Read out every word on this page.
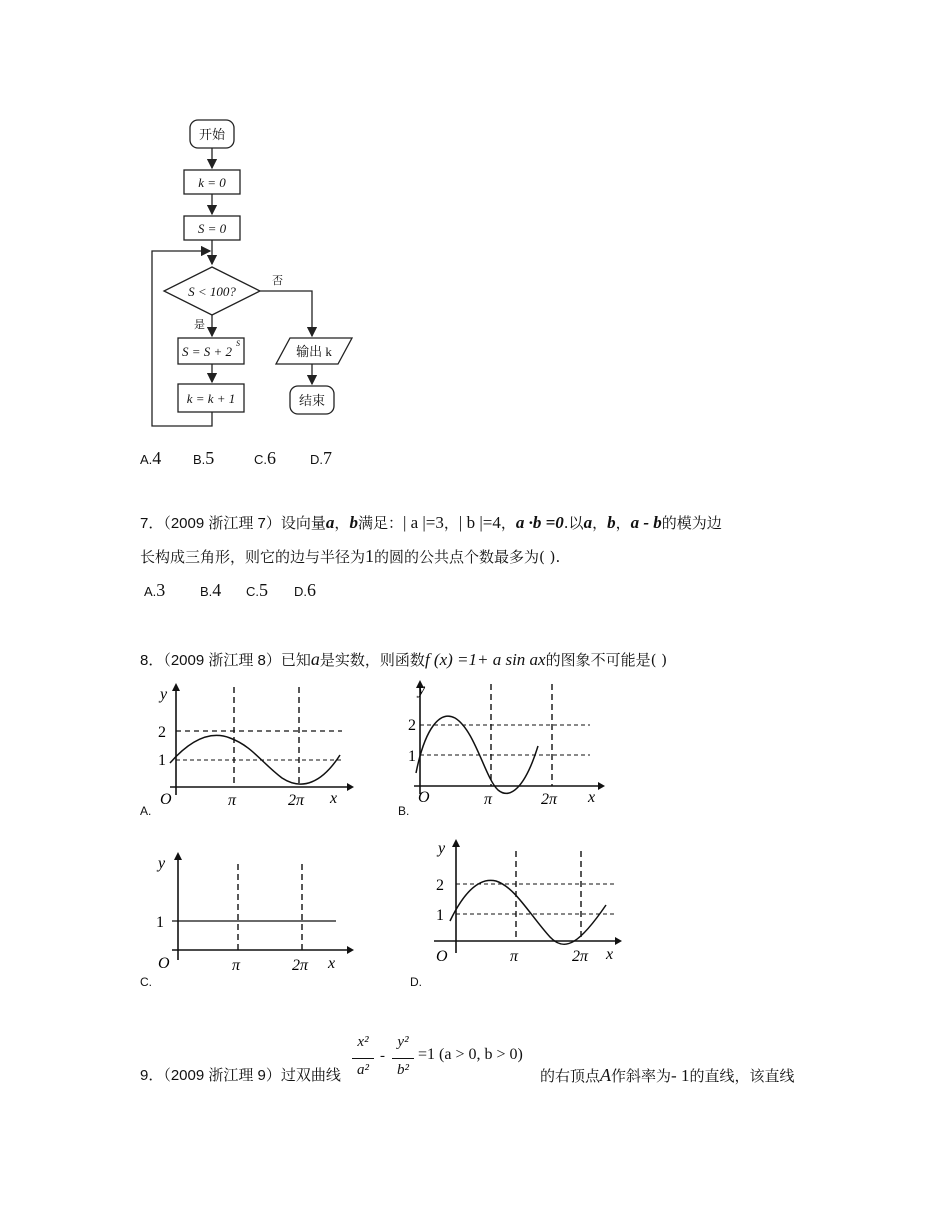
开始
k = 0
S = 0
S < 100?
否
是
S = S + 2
S
k = k + 1
输出 k
结束
A.4 B.5	C.6	D.7
7．（2009 浙江理 7）设向量a，b满足：| a |=3，| b |=4，a ·b =0.以a，b，a - b的模为边
长构成三角形，则它的边与半径为1的圆的公共点个数最多为( ).
A.3	B.4 C.5 D.6
8．（2009 浙江理 8）已知a是实数，则函数f (x) =1+ a sin ax的图象不可能是( )
y
2
1
O	π	2π x
A.
y
2
1
O	π	2π x
B.
y
1
O	π	2π x
C.
y
2
1
O	π	2π x
D.
9．（2009 浙江理 9）过双曲线
x²
a²
-
y²
b²
=1 (a > 0, b > 0)
的右顶点A作斜率为- 1的直线，该直线
